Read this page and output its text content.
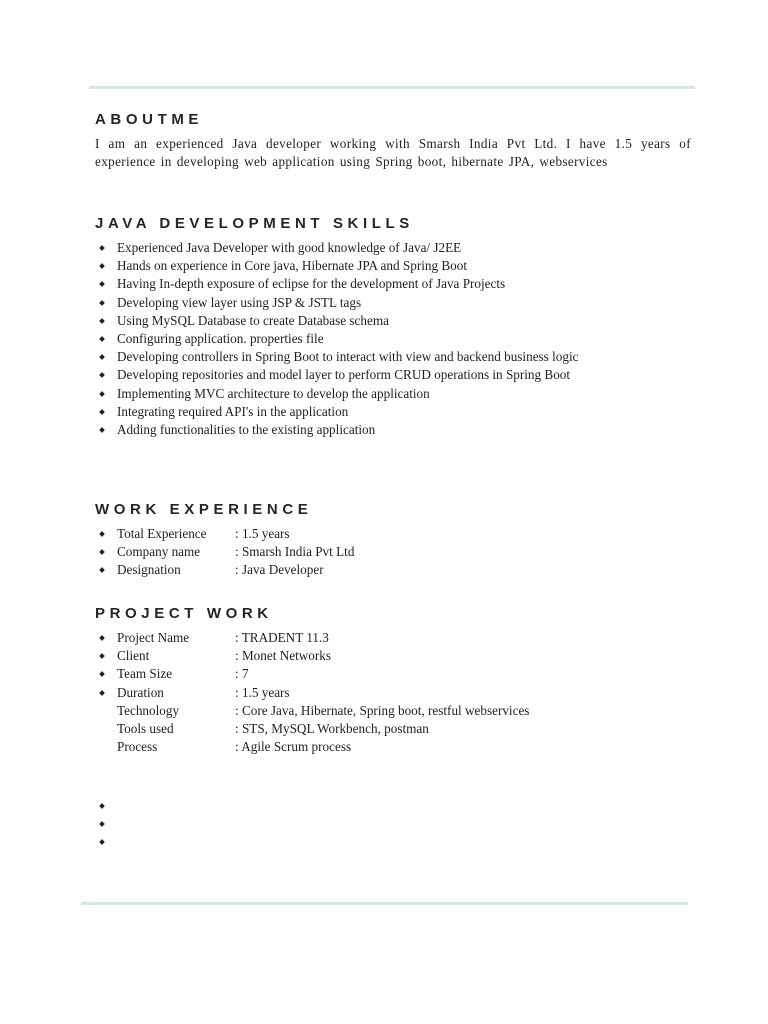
ABOUTME
I am an experienced Java developer working with Smarsh India Pvt Ltd. I have 1.5 years of experience in developing web application using Spring boot, hibernate JPA, webservices
JAVA DEVELOPMENT SKILLS
Experienced Java Developer with good knowledge of Java/ J2EE
Hands on experience in Core java, Hibernate JPA and Spring Boot
Having In-depth exposure of eclipse for the development of Java Projects
Developing view layer using JSP & JSTL tags
Using MySQL Database to create Database schema
Configuring application. properties file
Developing controllers in Spring Boot to interact with view and backend business logic
Developing repositories and model layer to perform CRUD operations in Spring Boot
Implementing MVC architecture to develop the application
Integrating required API's in the application
Adding functionalities to the existing application
WORK EXPERIENCE
Total Experience : 1.5 years
Company name	: Smarsh India Pvt Ltd
Designation	: Java Developer
PROJECT WORK
Project Name	: TRADENT 11.3
Client	: Monet Networks
Team Size	: 7
Duration	: 1.5 years
Technology	: Core Java, Hibernate, Spring boot, restful webservices
Tools used	: STS, MySQL Workbench, postman
Process	: Agile Scrum process
